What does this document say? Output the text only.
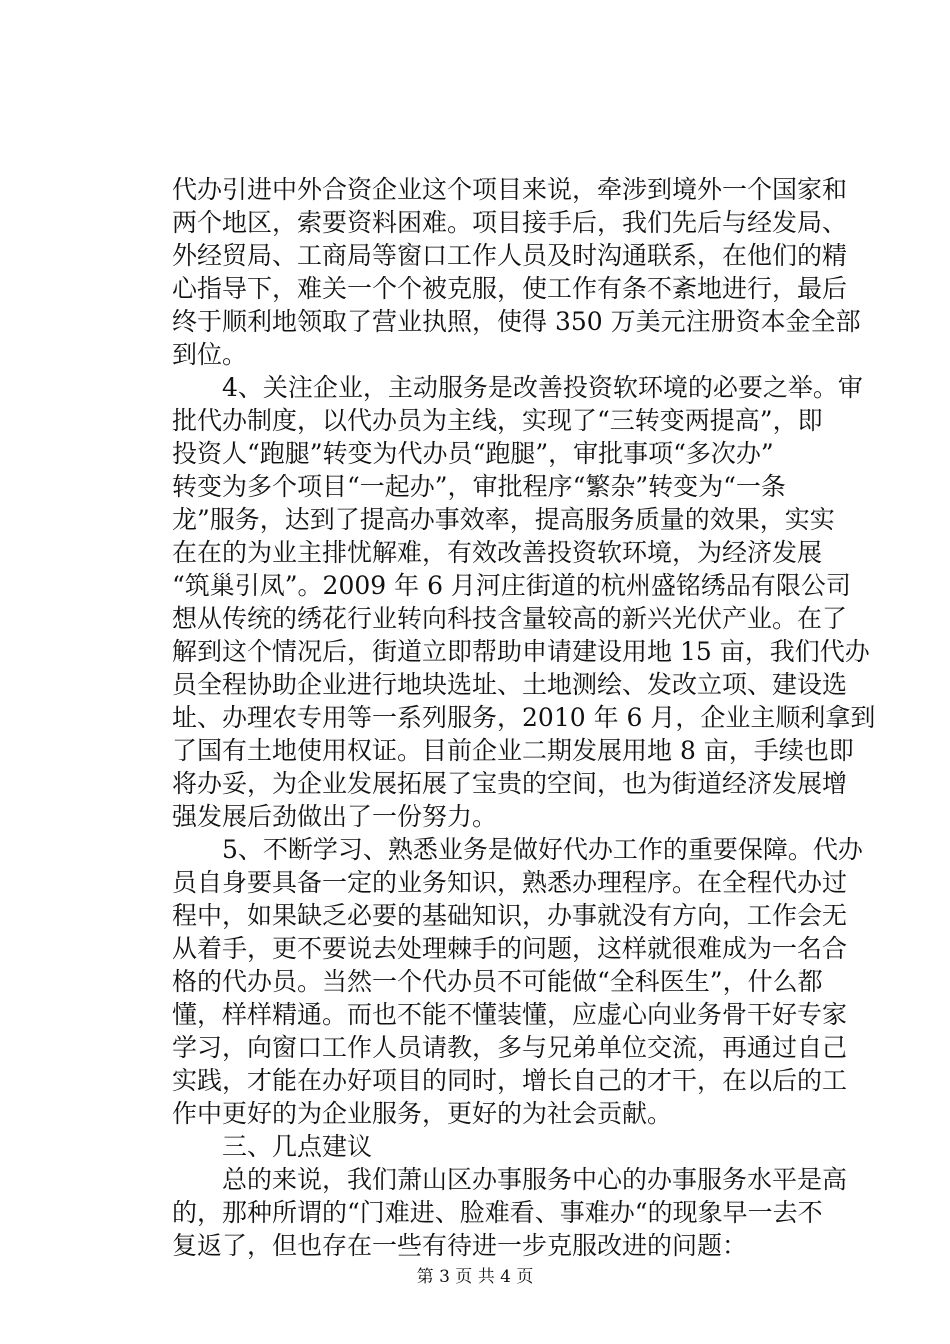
代办引进中外合资企业这个项目来说，牵涉到境外一个国家和
两个地区，索要资料困难。项目接手后，我们先后与经发局、
外经贸局、工商局等窗口工作人员及时沟通联系，在他们的精
心指导下，难关一个个被克服，使工作有条不紊地进行，最后
终于顺利地领取了营业执照，使得 350 万美元注册资本金全部
到位。
　　4、关注企业，主动服务是改善投资软环境的必要之举。审
批代办制度，以代办员为主线，实现了“三转变两提高”，即
投资人“跑腿”转变为代办员“跑腿”，审批事项“多次办”
转变为多个项目“一起办”，审批程序“繁杂”转变为“一条
龙”服务，达到了提高办事效率，提高服务质量的效果，实实
在在的为业主排忧解难，有效改善投资软环境，为经济发展
“筑巢引凤”。2009 年 6 月河庄街道的杭州盛铭绣品有限公司
想从传统的绣花行业转向科技含量较高的新兴光伏产业。在了
解到这个情况后，街道立即帮助申请建设用地 15 亩，我们代办
员全程协助企业进行地块选址、土地测绘、发改立项、建设选
址、办理农专用等一系列服务，2010 年 6 月，企业主顺利拿到
了国有土地使用权证。目前企业二期发展用地 8 亩，手续也即
将办妥，为企业发展拓展了宝贵的空间，也为街道经济发展增
强发展后劲做出了一份努力。
　　5、不断学习、熟悉业务是做好代办工作的重要保障。代办
员自身要具备一定的业务知识，熟悉办理程序。在全程代办过
程中，如果缺乏必要的基础知识，办事就没有方向，工作会无
从着手，更不要说去处理棘手的问题，这样就很难成为一名合
格的代办员。当然一个代办员不可能做“全科医生”，什么都
懂，样样精通。而也不能不懂装懂，应虚心向业务骨干好专家
学习，向窗口工作人员请教，多与兄弟单位交流，再通过自己
实践，才能在办好项目的同时，增长自己的才干，在以后的工
作中更好的为企业服务，更好的为社会贡献。
　　三、几点建议
　　总的来说，我们萧山区办事服务中心的办事服务水平是高
的，那种所谓的“门难进、脸难看、事难办“的现象早一去不
复返了，但也存在一些有待进一步克服改进的问题：
第 3 页 共 4 页
